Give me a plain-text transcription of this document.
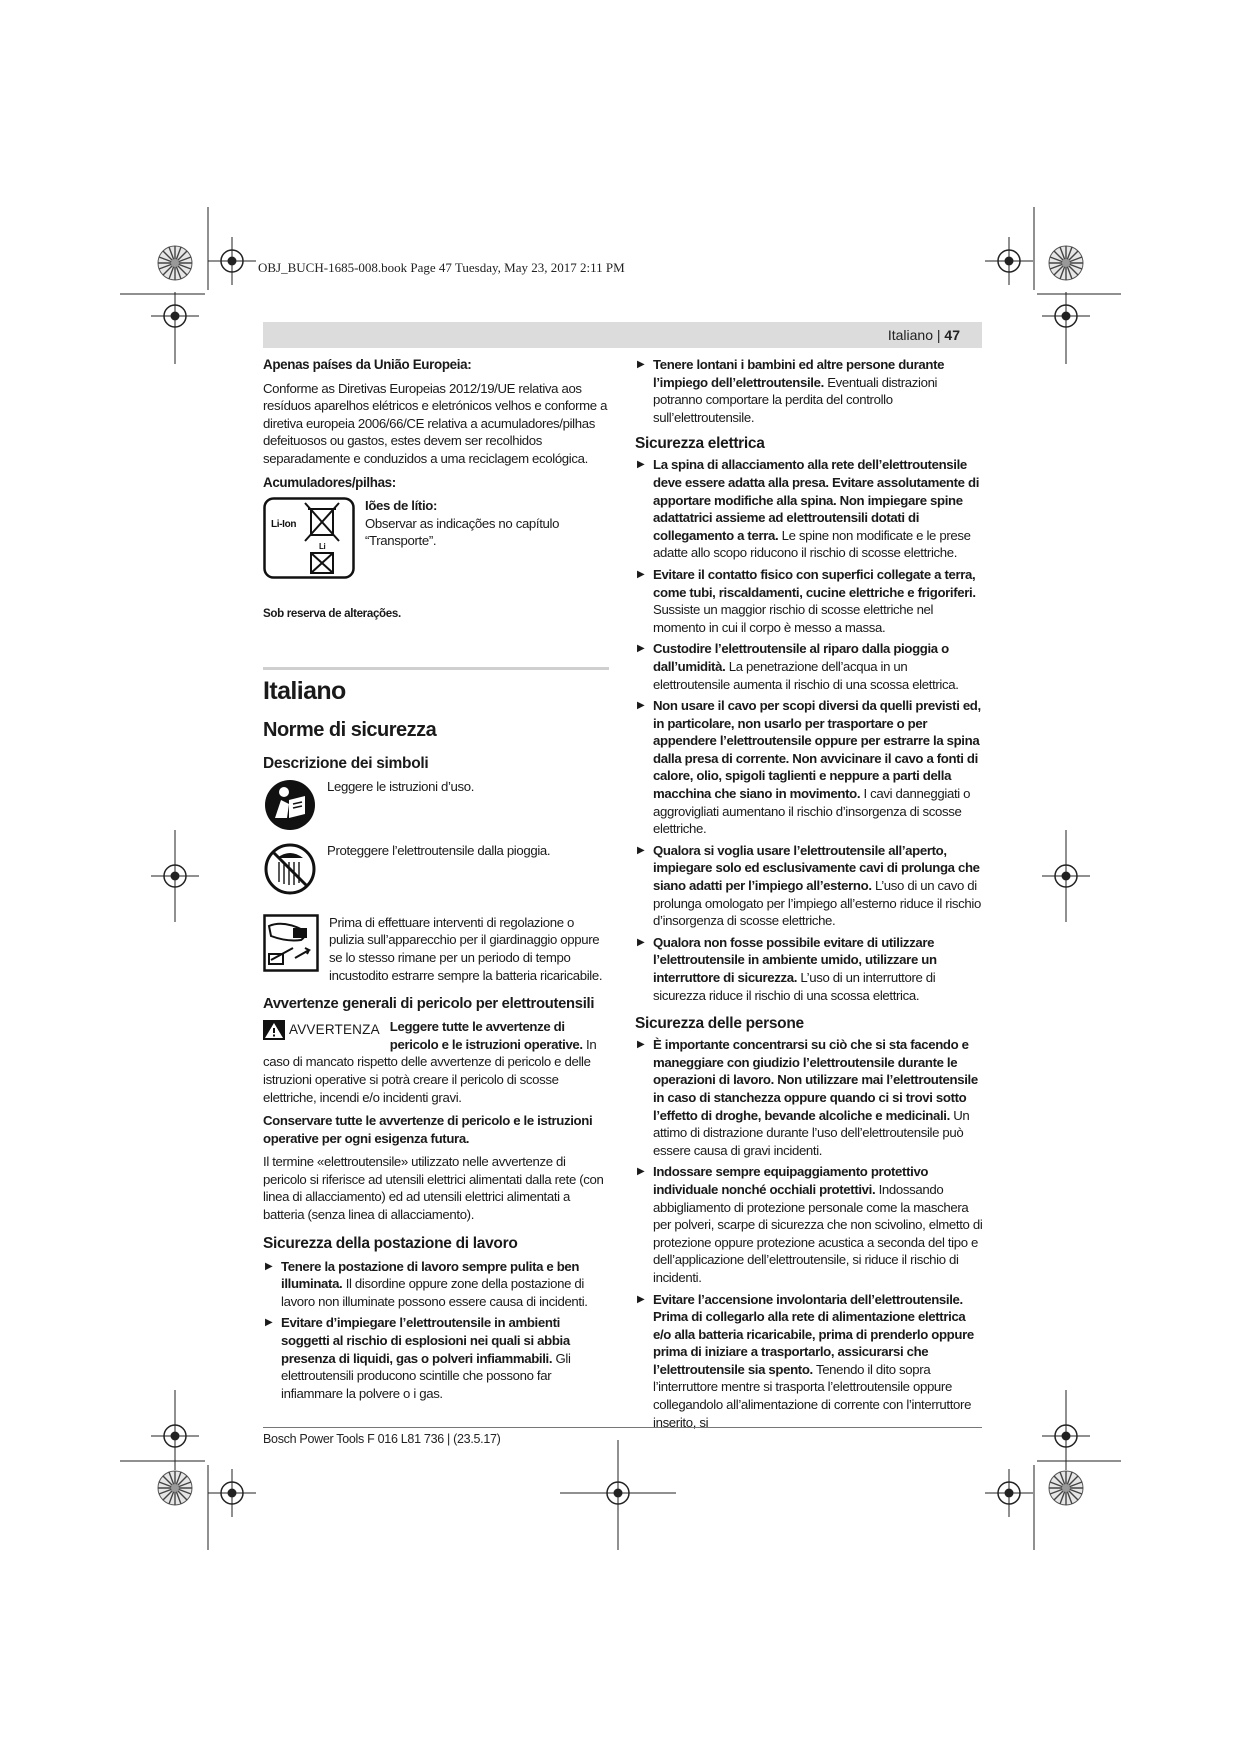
OBJ_BUCH-1685-008.book Page 47 Tuesday, May 23, 2017 2:11 PM
Italiano | 47

Apenas países da União Europeia:

Conforme as Diretivas Europeias 2012/19/UE relativa aos resíduos aparelhos elétricos e eletrónicos velhos e conforme a diretiva europeia 2006/66/CE relativa a acumuladores/pilhas defeituosos ou gastos, estes devem ser recolhidos separadamente e conduzidos a uma reciclagem ecológica.

Acumuladores/pilhas:

Li-Ion
Li
Iões de lítio:
Observar as indicações no capítulo “Transporte”.

Sob reserva de alterações.

Italiano

Norme di sicurezza

Descrizione dei simboli

Leggere le istruzioni d’uso.
Proteggere l’elettroutensile dalla pioggia.
Prima di effettuare interventi di regolazione o pulizia sull’apparecchio per il giardinaggio oppure se lo stesso rimane per un periodo di tempo incustodito estrarre sempre la batteria ricaricabile.

Avvertenze generali di pericolo per elettroutensili

AVVERTENZA Leggere tutte le avvertenze di pericolo e le istruzioni operative. In caso di mancato rispetto delle avvertenze di pericolo e delle istruzioni operative si potrà creare il pericolo di scosse elettriche, incendi e/o incidenti gravi.

Conservare tutte le avvertenze di pericolo e le istruzioni operative per ogni esigenza futura.

Il termine «elettroutensile» utilizzato nelle avvertenze di pericolo si riferisce ad utensili elettrici alimentati dalla rete (con linea di allacciamento) ed ad utensili elettrici alimentati a batteria (senza linea di allacciamento).

Sicurezza della postazione di lavoro

▶ Tenere la postazione di lavoro sempre pulita e ben illuminata. Il disordine oppure zone della postazione di lavoro non illuminate possono essere causa di incidenti.
▶ Evitare d’impiegare l’elettroutensile in ambienti soggetti al rischio di esplosioni nei quali si abbia presenza di liquidi, gas o polveri infiammabili. Gli elettroutensili producono scintille che possono far infiammare la polvere o i gas.
▶ Tenere lontani i bambini ed altre persone durante l’impiego dell’elettroutensile. Eventuali distrazioni potranno comportare la perdita del controllo sull’elettroutensile.

Sicurezza elettrica

▶ La spina di allacciamento alla rete dell’elettroutensile deve essere adatta alla presa. Evitare assolutamente di apportare modifiche alla spina. Non impiegare spine adattatrici assieme ad elettroutensili dotati di collegamento a terra. Le spine non modificate e le prese adatte allo scopo riducono il rischio di scosse elettriche.
▶ Evitare il contatto fisico con superfici collegate a terra, come tubi, riscaldamenti, cucine elettriche e frigoriferi. Sussiste un maggior rischio di scosse elettriche nel momento in cui il corpo è messo a massa.
▶ Custodire l’elettroutensile al riparo dalla pioggia o dall’umidità. La penetrazione dell’acqua in un elettroutensile aumenta il rischio di una scossa elettrica.
▶ Non usare il cavo per scopi diversi da quelli previsti ed, in particolare, non usarlo per trasportare o per appendere l’elettroutensile oppure per estrarre la spina dalla presa di corrente. Non avvicinare il cavo a fonti di calore, olio, spigoli taglienti e neppure a parti della macchina che siano in movimento. I cavi danneggiati o aggrovigliati aumentano il rischio d’insorgenza di scosse elettriche.
▶ Qualora si voglia usare l’elettroutensile all’aperto, impiegare solo ed esclusivamente cavi di prolunga che siano adatti per l’impiego all’esterno. L’uso di un cavo di prolunga omologato per l’impiego all’esterno riduce il rischio d’insorgenza di scosse elettriche.
▶ Qualora non fosse possibile evitare di utilizzare l’elettroutensile in ambiente umido, utilizzare un interruttore di sicurezza. L’uso di un interruttore di sicurezza riduce il rischio di una scossa elettrica.

Sicurezza delle persone

▶ È importante concentrarsi su ciò che si sta facendo e maneggiare con giudizio l’elettroutensile durante le operazioni di lavoro. Non utilizzare mai l’elettroutensile in caso di stanchezza oppure quando ci si trovi sotto l’effetto di droghe, bevande alcoliche e medicinali. Un attimo di distrazione durante l’uso dell’elettroutensile può essere causa di gravi incidenti.
▶ Indossare sempre equipaggiamento protettivo individuale nonché occhiali protettivi. Indossando abbigliamento di protezione personale come la maschera per polveri, scarpe di sicurezza che non scivolino, elmetto di protezione oppure protezione acustica a seconda del tipo e dell’applicazione dell’elettroutensile, si riduce il rischio di incidenti.
▶ Evitare l’accensione involontaria dell’elettroutensile. Prima di collegarlo alla rete di alimentazione elettrica e/o alla batteria ricaricabile, prima di prenderlo oppure prima di iniziare a trasportarlo, assicurarsi che l’elettroutensile sia spento. Tenendo il dito sopra l’interruttore mentre si trasporta l’elettroutensile oppure collegandolo all’alimentazione di corrente con l’interruttore inserito, si
Bosch Power Tools F 016 L81 736 | (23.5.17)
